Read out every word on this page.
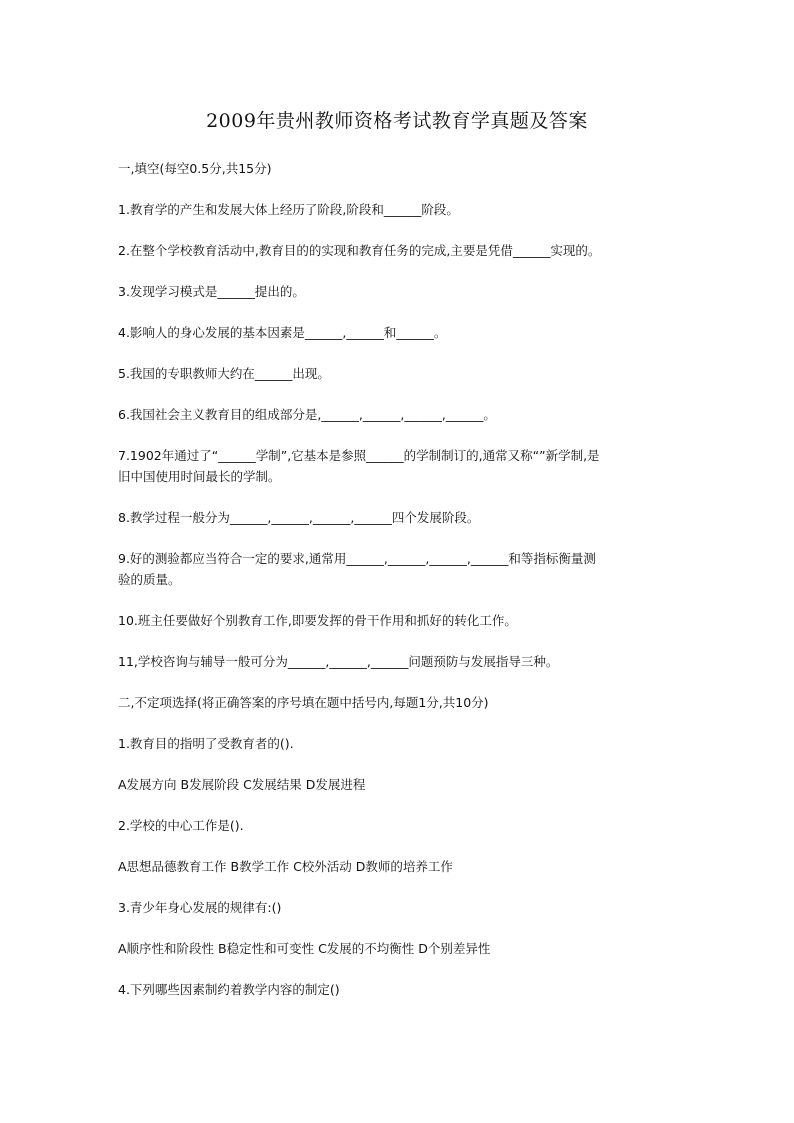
2009年贵州教师资格考试教育学真题及答案

一,填空(每空0.5分,共15分)

1.教育学的产生和发展大体上经历了阶段,阶段和______阶段。

2.在整个学校教育活动中,教育目的的实现和教育任务的完成,主要是凭借______实现的。

3.发现学习模式是______提出的。

4.影响人的身心发展的基本因素是______,______和______。

5.我国的专职教师大约在______出现。

6.我国社会主义教育目的组成部分是,______,______,______,______。

7.1902年通过了“______学制”,它基本是参照______的学制制订的,通常又称“”新学制,是

旧中国使用时间最长的学制。

8.教学过程一般分为______,______,______,______四个发展阶段。

9.好的测验都应当符合一定的要求,通常用______,______,______,______和等指标衡量测

验的质量。

10.班主任要做好个别教育工作,即要发挥的骨干作用和抓好的转化工作。

11,学校咨询与辅导一般可分为______,______,______问题预防与发展指导三种。

二,不定项选择(将正确答案的序号填在题中括号内,每题1分,共10分)

1.教育目的指明了受教育者的().

A发展方向 B发展阶段 C发展结果 D发展进程

2.学校的中心工作是().

A思想品德教育工作 B教学工作 C校外活动 D教师的培养工作

3.青少年身心发展的规律有:()

A顺序性和阶段性 B稳定性和可变性 C发展的不均衡性 D个别差异性

4.下列哪些因素制约着教学内容的制定()
